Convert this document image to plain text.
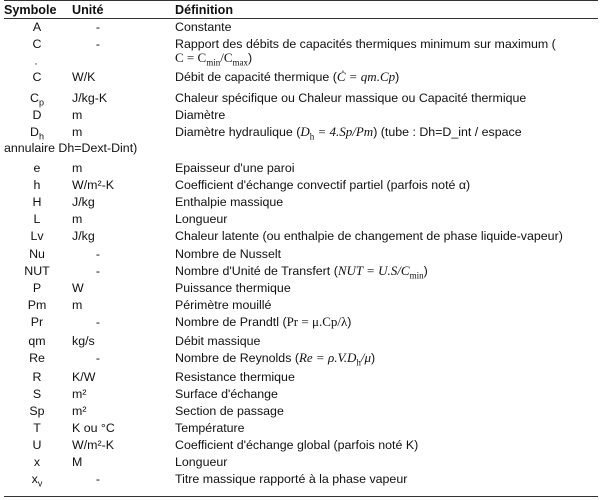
Symbole Unité	Définition
A	-	Constante
C	-	Rapport des débits de capacités thermiques minimum sur maximum (
$C = C_{min}/C_{max}$)
C ˙	W/K	Débit de capacité thermique (Ċ = qm.Cp)
$C_p$	J/kg-K	Chaleur spécifique ou Chaleur massique ou Capacité thermique
D	m	Diamètre
$D_h$	m	Diamètre hydraulique $(D_h = 4.Sp/Pm)$ (tube : Dh=D_int / espace
annulaire Dh=Dext-Dint)
e	m	Epaisseur d'une paroi
h	W/m²-K	Coefficient d'échange convectif partiel (parfois noté α)
H	J/kg	Enthalpie massique
L	m	Longueur
Lv	J/kg	Chaleur latente (ou enthalpie de changement de phase liquide-vapeur)
Nu	-	Nombre de Nusselt
NUT	-	Nombre d'Unité de Transfert $(NUT = U.S/C_{min})$
P	W	Puissance thermique
Pm	m	Périmètre mouillé
Pr	-	Nombre de Prandtl (Pr = μ.Cp/λ)
qm	kg/s	Débit massique
Re	-	Nombre de Reynolds $(Re = \rho.V.D_h/\mu)$
R	K/W	Resistance thermique
S	m²	Surface d'échange
Sp	m²	Section de passage
T	K ou °C	Température
U	W/m²-K	Coefficient d'échange global (parfois noté K)
x	M	Longueur
$x_v$	-	Titre massique rapporté à la phase vapeur
